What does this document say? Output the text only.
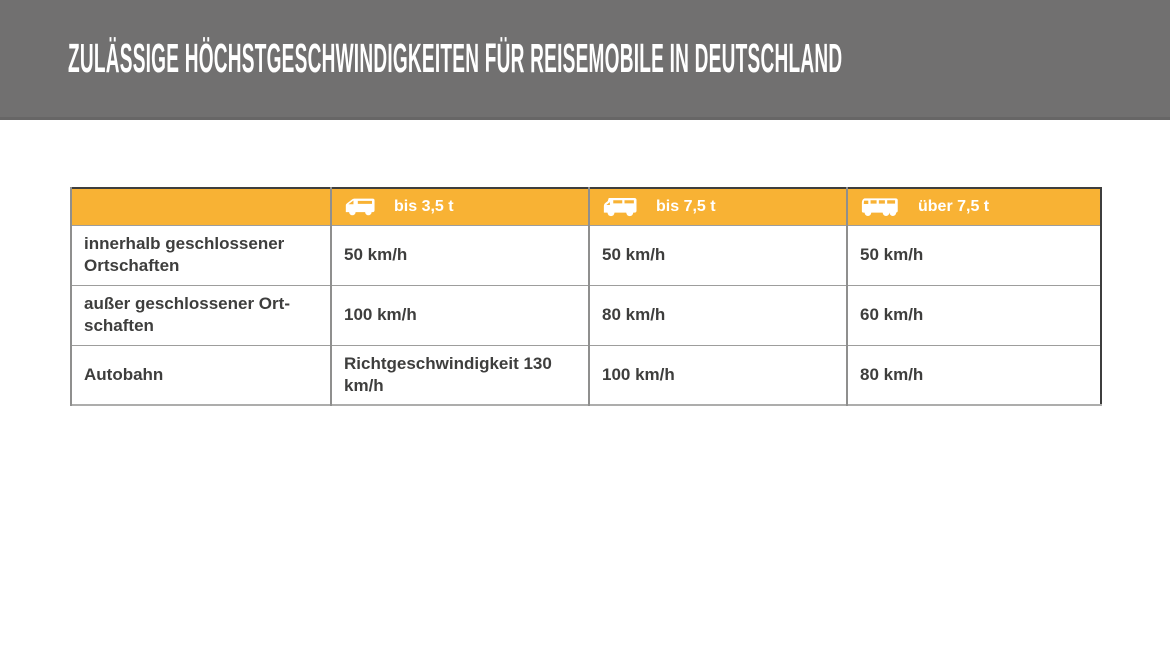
ZULÄSSIGE HÖCHSTGESCHWINDIGKEITEN FÜR REISEMOBILE IN DEUTSCHLAND

	bis 3,5 t	bis 7,5 t	über 7,5 t

innerhalb geschlossener Ortschaften	50 km/h	50 km/h	50 km/h
außer geschlossener Ortschaften	100 km/h	80 km/h	60 km/h
Autobahn	Richtgeschwindigkeit 130 km/h	100 km/h	80 km/h
